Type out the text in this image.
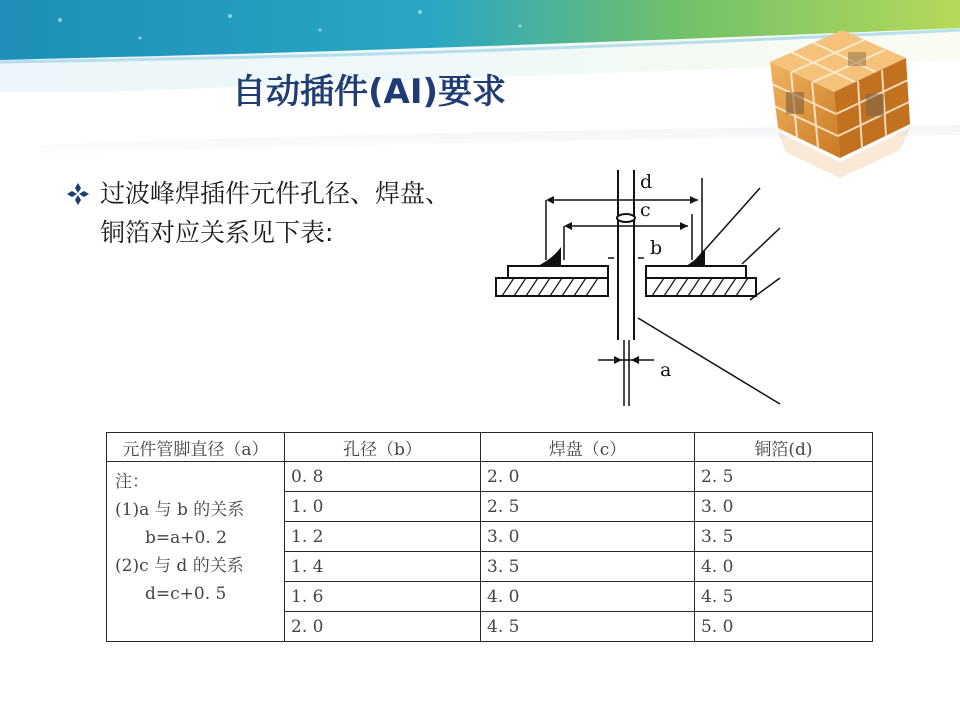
自动插件(AI)要求

过波峰焊插件元件孔径、焊盘、铜箔对应关系见下表:

d
c
b
a
元件管脚直径（a）	孔径（b）	焊盘（c）	铜箔(d)

注：
(1)a 与 b 的关系
b=a+0. 2
(2)c 与 d 的关系
d=c+0. 5	0. 8	2. 0	2. 5
	1. 0	2. 5	3. 0
	1. 2	3. 0	3. 5
	1. 4	3. 5	4. 0
	1. 6	4. 0	4. 5
	2. 0	4. 5	5. 0
